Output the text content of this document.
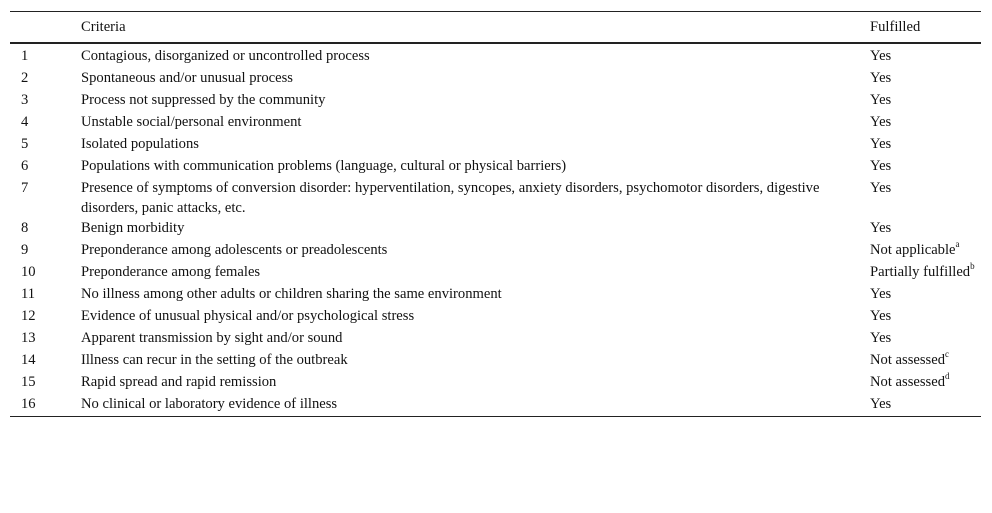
	Criteria	Fulfilled
1	Contagious, disorganized or uncontrolled process	Yes
2	Spontaneous and/or unusual process	Yes
3	Process not suppressed by the community	Yes
4	Unstable social/personal environment	Yes
5	Isolated populations	Yes
6	Populations with communication problems (language, cultural or physical barriers)	Yes
7	Presence of symptoms of conversion disorder: hyperventilation, syncopes, anxiety disorders, psychomotor disorders, digestive disorders, panic attacks, etc.	Yes
8	Benign morbidity	Yes
9	Preponderance among adolescents or preadolescents	Not applicable$^a$
10	Preponderance among females	Partially fulfilled$^b$
11	No illness among other adults or children sharing the same environment	Yes
12	Evidence of unusual physical and/or psychological stress	Yes
13	Apparent transmission by sight and/or sound	Yes
14	Illness can recur in the setting of the outbreak	Not assessed$^c$
15	Rapid spread and rapid remission	Not assessed$^d$
16	No clinical or laboratory evidence of illness	Yes
